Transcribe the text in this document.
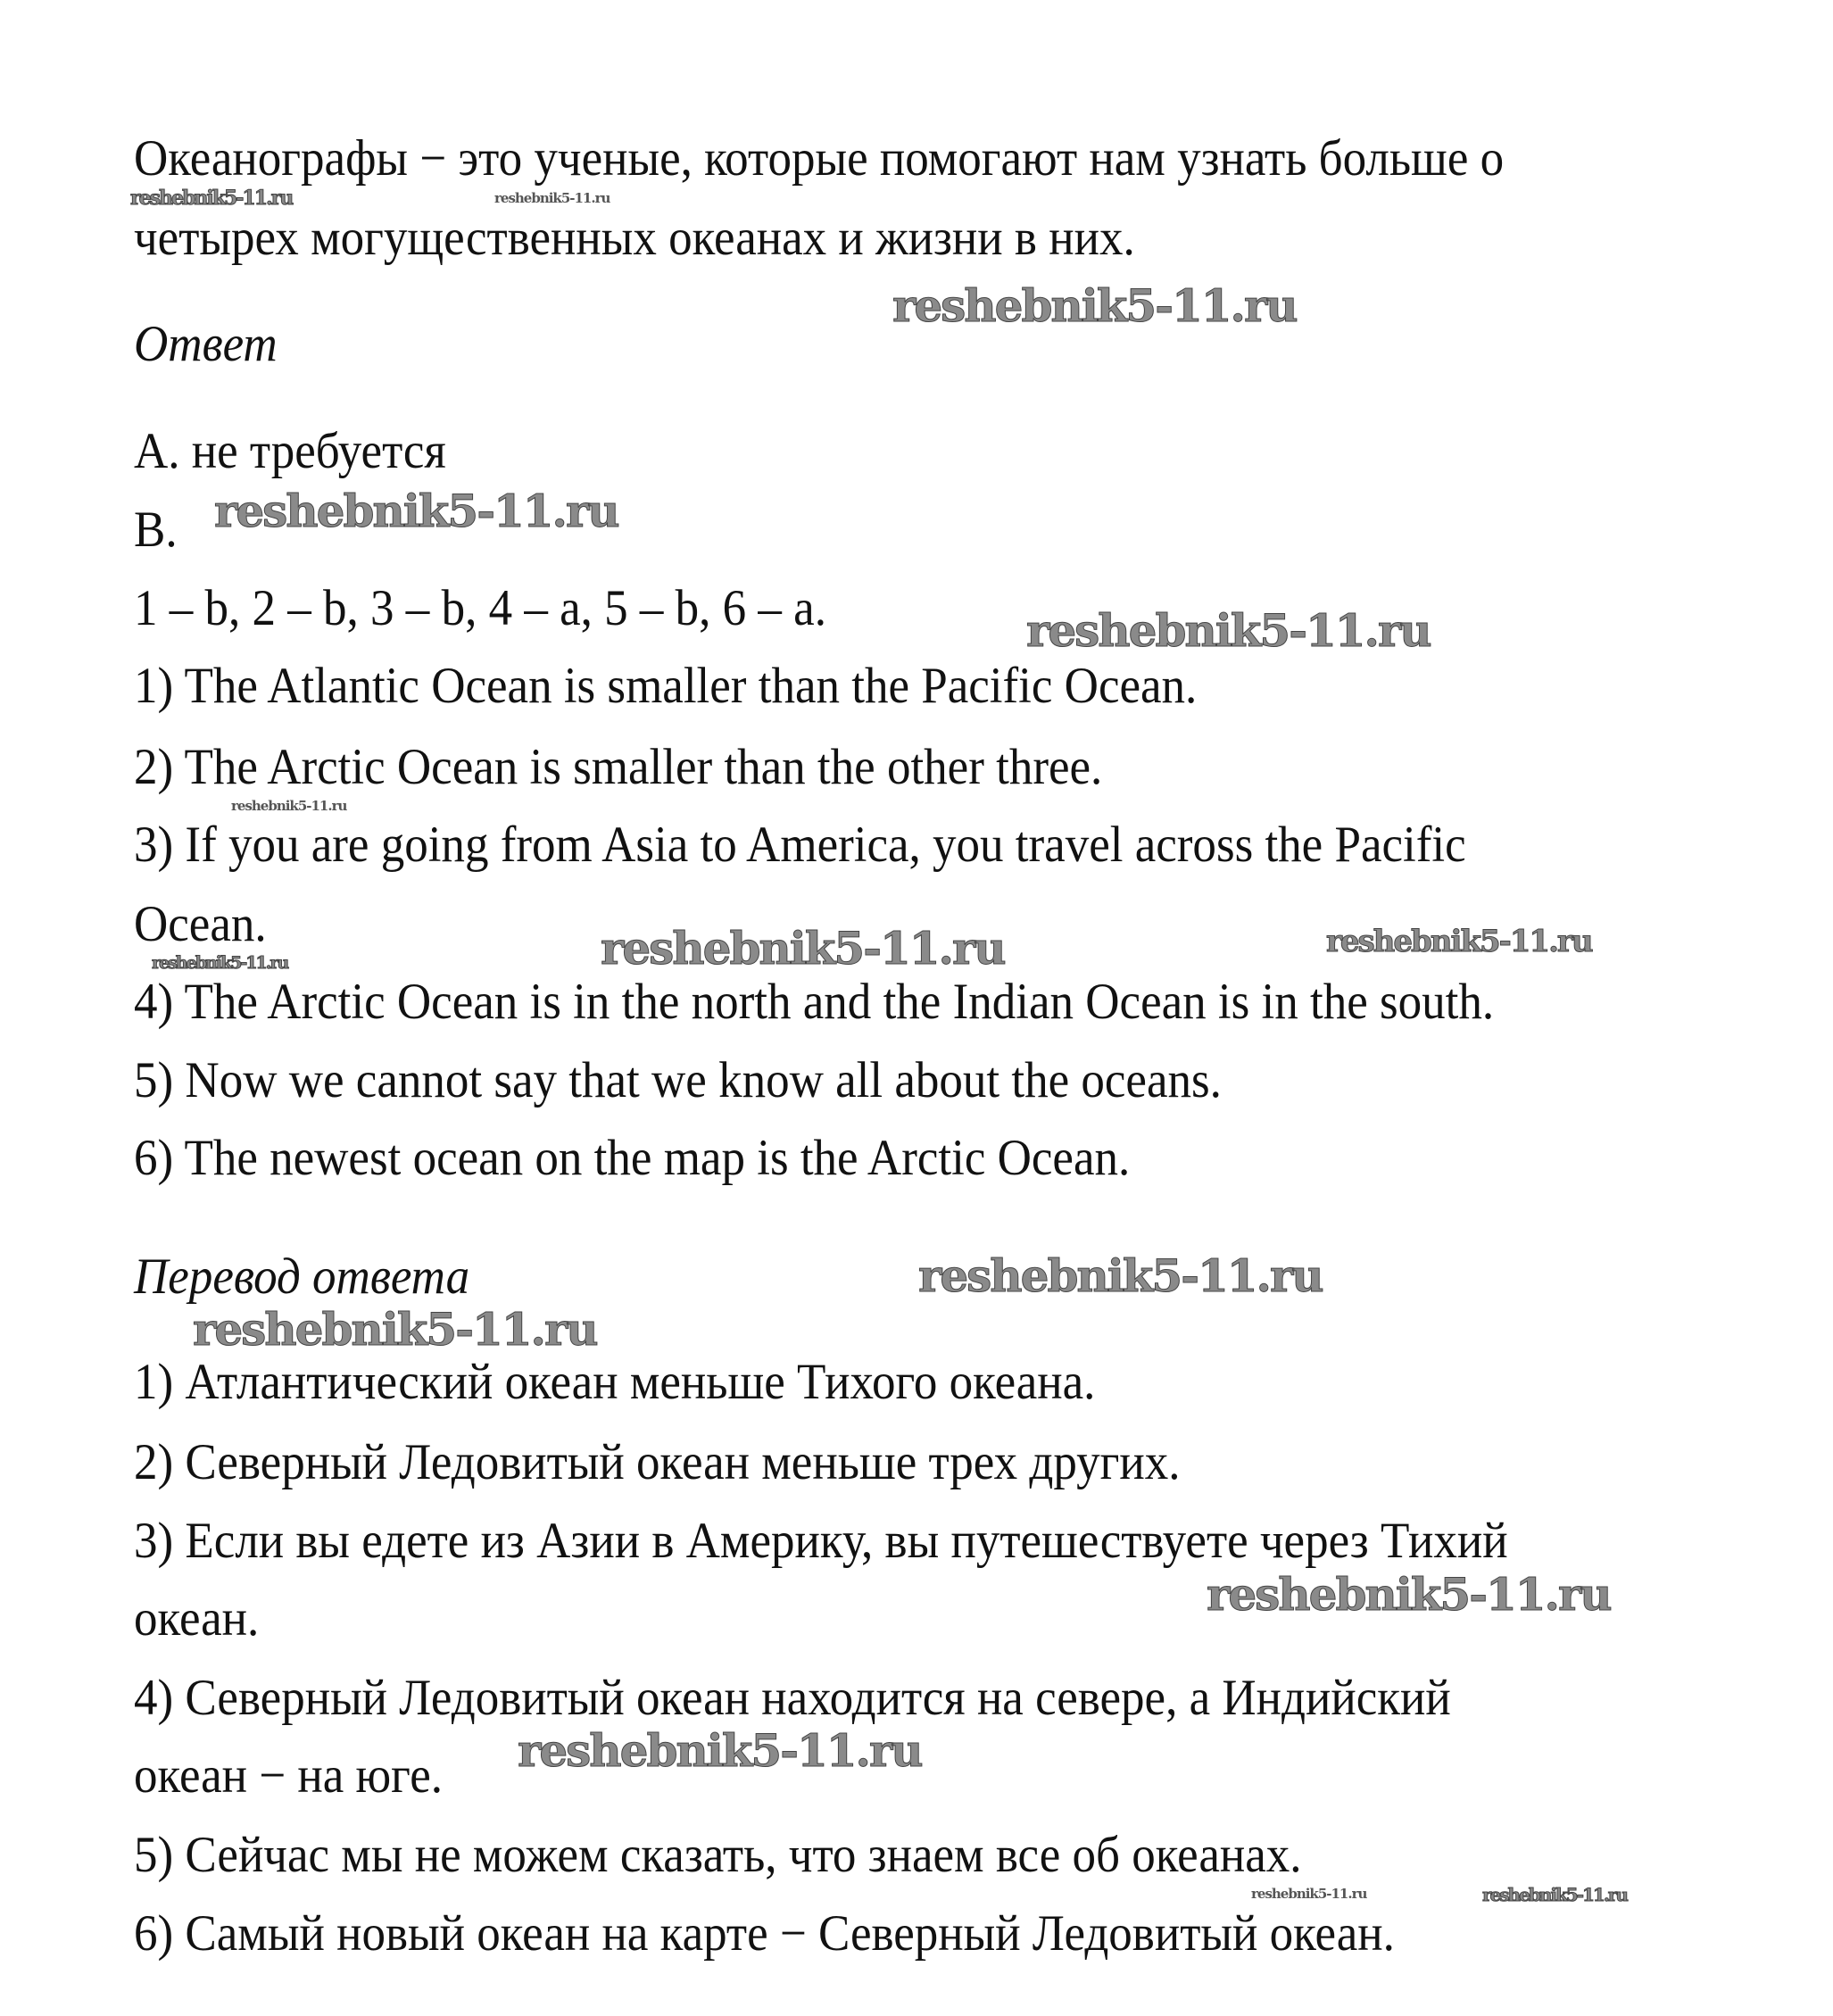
Океанографы − это ученые, которые помогают нам узнать больше о
четырех могущественных океанах и жизни в них.
Ответ
A. не требуется
B.
1 – b, 2 – b, 3 – b, 4 – a, 5 – b, 6 – a.
1) The Atlantic Ocean is smaller than the Pacific Ocean.
2) The Arctic Ocean is smaller than the other three.
3) If you are going from Asia to America, you travel across the Pacific
Ocean.
4) The Arctic Ocean is in the north and the Indian Ocean is in the south.
5) Now we cannot say that we know all about the oceans.
6) The newest ocean on the map is the Arctic Ocean.
Перевод ответа
1) Атлантический океан меньше Тихого океана.
2) Северный Ледовитый океан меньше трех других.
3) Если вы едете из Азии в Америку, вы путешествуете через Тихий
океан.
4) Северный Ледовитый океан находится на севере, а Индийский
океан − на юге.
5) Сейчас мы не можем сказать, что знаем все об океанах.
6) Самый новый океан на карте − Северный Ледовитый океан.
reshebnik5-11.ru	reshebnik5-11.ru
reshebnik5-11.ru
reshebnik5-11.ru
reshebnik5-11.ru
reshebnik5-11.ru
reshebnik5-11.ru	reshebnik5-11.ru
reshebnik5-11.ru
reshebnik5-11.ru
reshebnik5-11.ru
reshebnik5-11.ru
reshebnik5-11.ru
reshebnik5-11.ru	reshebnik5-11.ru
